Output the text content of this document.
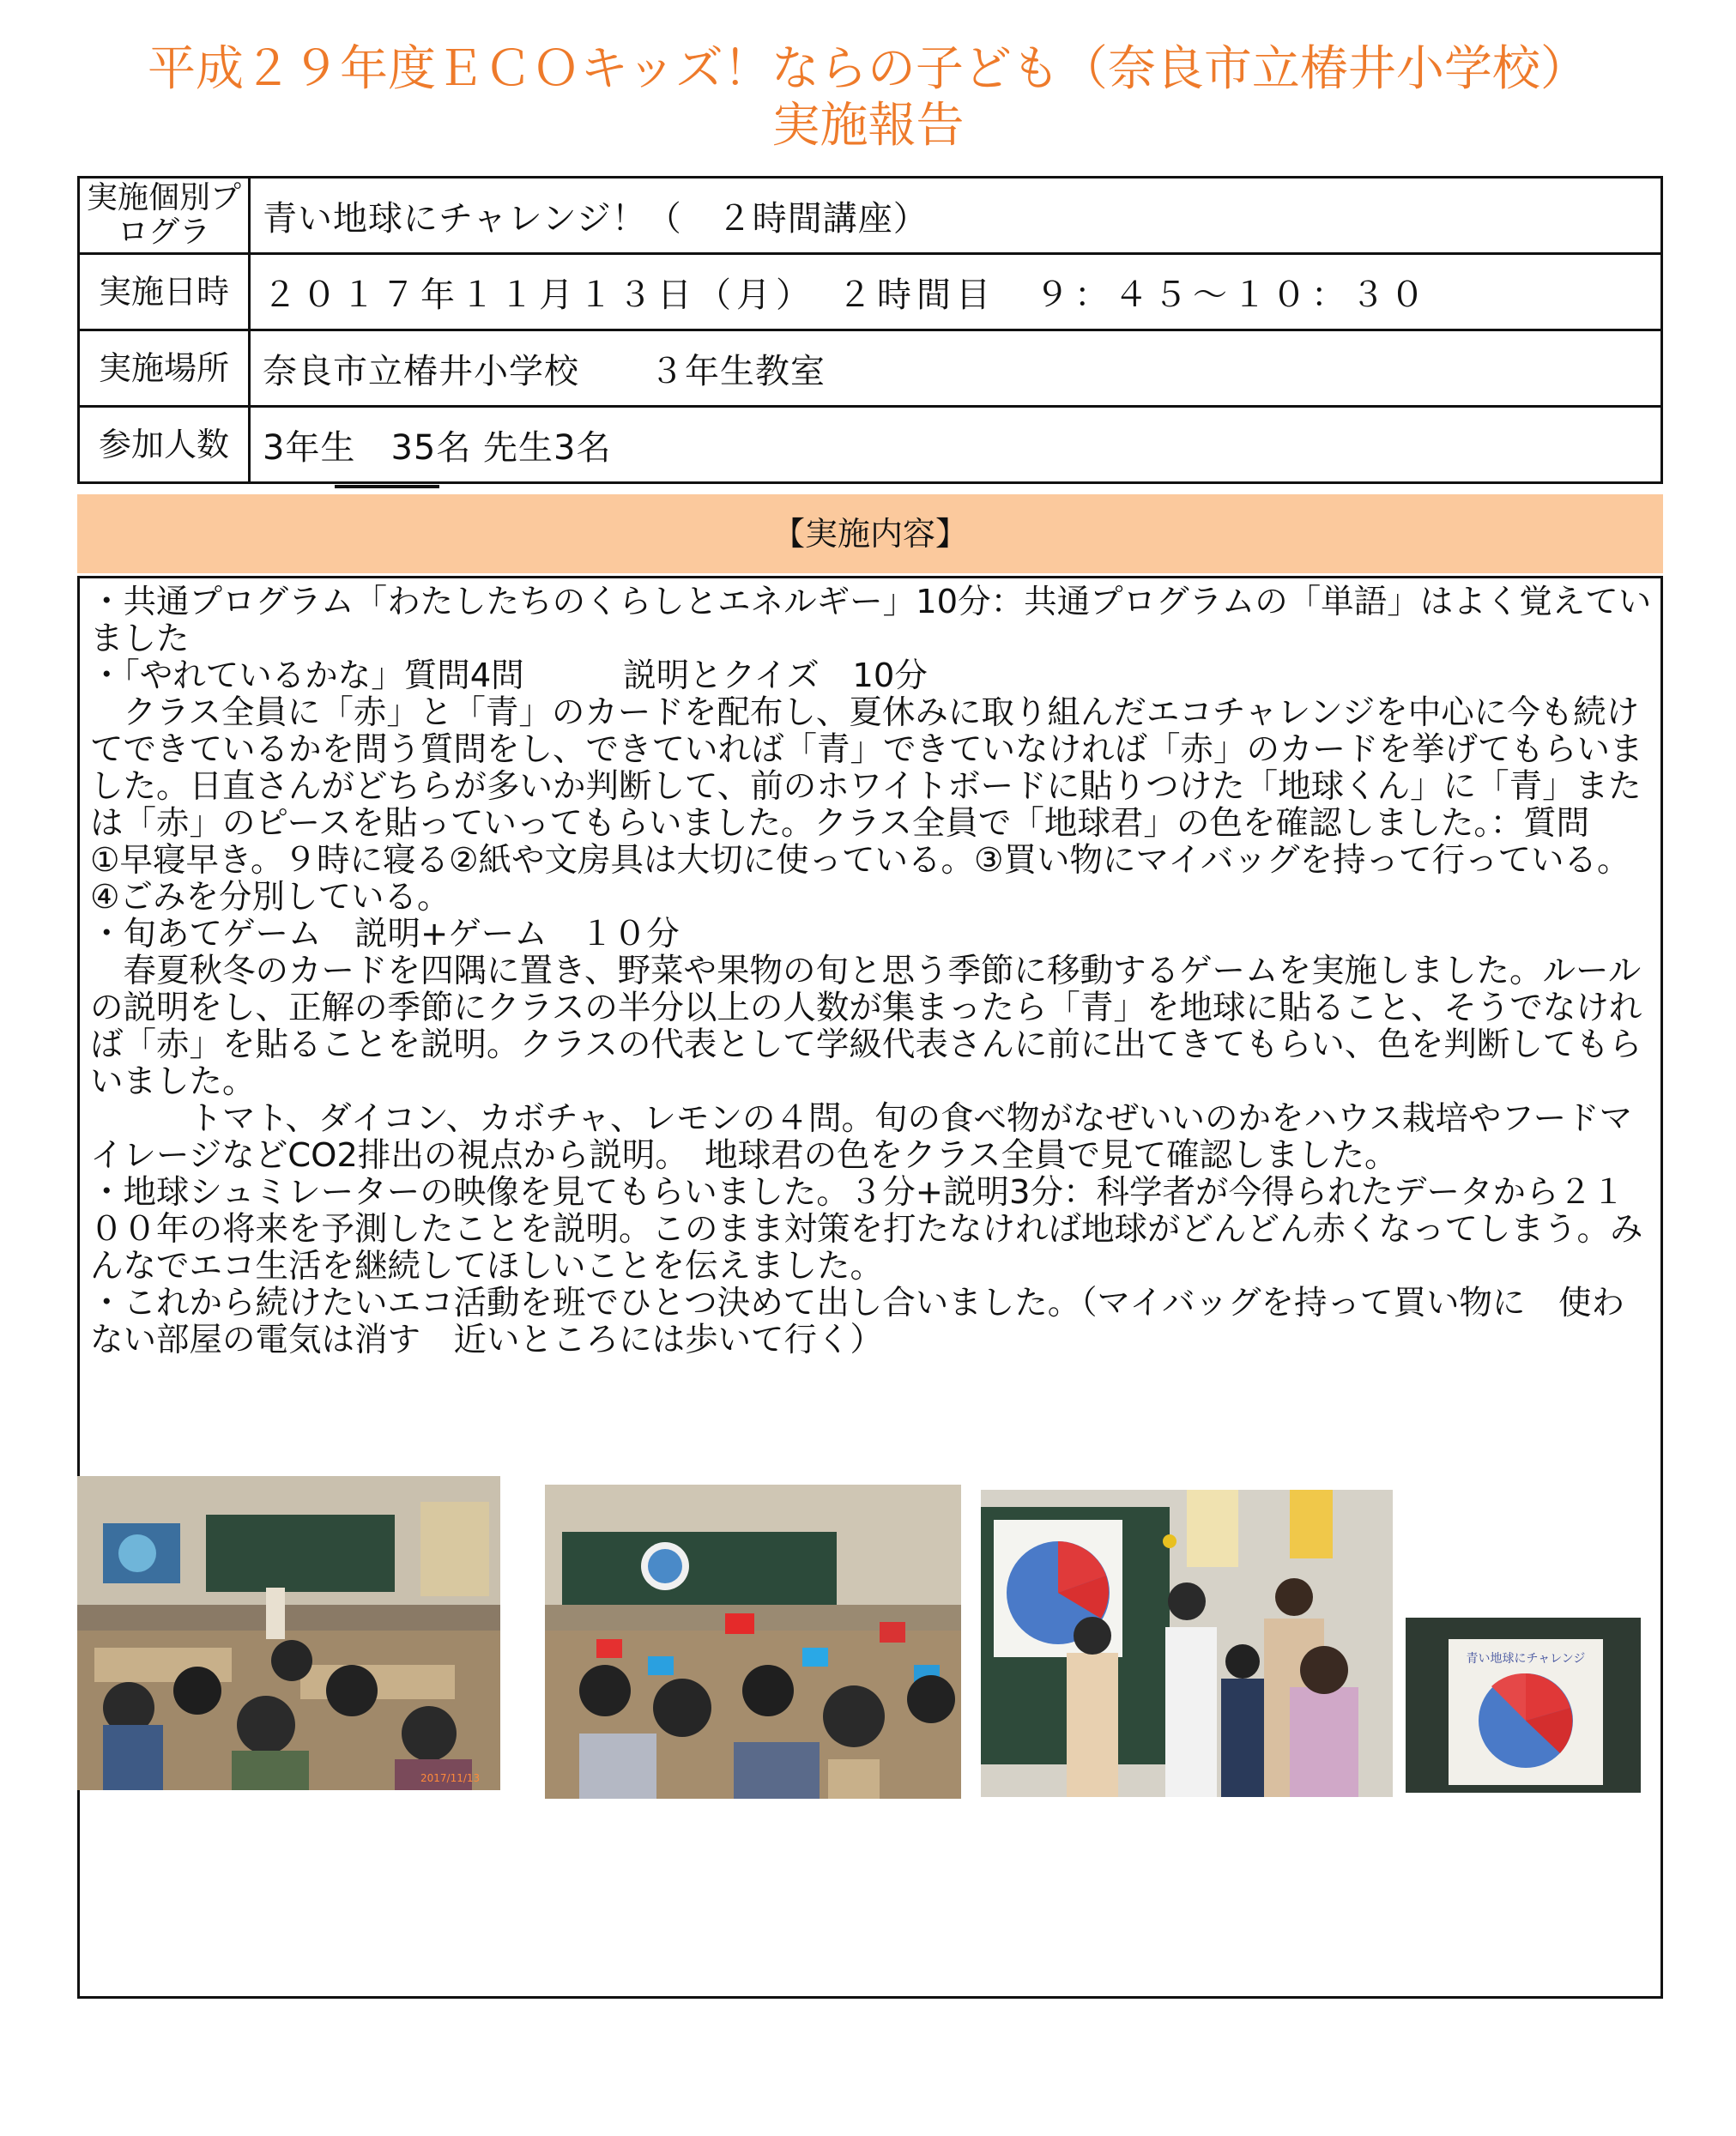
平成２９年度ＥＣＯキッズ！ならの子ども（奈良市立椿井小学校）
実施報告
実施個別プログラ	青い地球にチャレンジ！（　２時間講座）
実施日時	２０１７年１１月１３日（月）　２時間目　９：４５～１０：３０
実施場所	奈良市立椿井小学校　　３年生教室
参加人数	3年生　35名 先生3名
【実施内容】

・共通プログラム「わたしたちのくらしとエネルギー」10分：共通プログラムの「単語」はよく覚えていました

・「やれているかな」質問4問　　　説明とクイズ　10分

　クラス全員に「赤」と「青」のカードを配布し、夏休みに取り組んだエコチャレンジを中心に今も続けてできているかを問う質問をし、できていれば「青」できていなければ「赤」のカードを挙げてもらいました。日直さんがどちらが多いか判断して、前のホワイトボードに貼りつけた「地球くん」に「青」または「赤」のピースを貼っていってもらいました。クラス全員で「地球君」の色を確認しました。：質問　①早寝早き。９時に寝る②紙や文房具は大切に使っている。③買い物にマイバッグを持って行っている。④ごみを分別している。

・旬あてゲーム　説明+ゲーム　１０分

　春夏秋冬のカードを四隅に置き、野菜や果物の旬と思う季節に移動するゲームを実施しました。ルールの説明をし、正解の季節にクラスの半分以上の人数が集まったら「青」を地球に貼ること、そうでなければ「赤」を貼ることを説明。クラスの代表として学級代表さんに前に出てきてもらい、色を判断してもらいました。

　　　トマト、ダイコン、カボチャ、レモンの４問。旬の食べ物がなぜいいのかをハウス栽培やフードマイレージなどCO2排出の視点から説明。　地球君の色をクラス全員で見て確認しました。

・地球シュミレーターの映像を見てもらいました。３分+説明3分：科学者が今得られたデータから２１００年の将来を予測したことを説明。このまま対策を打たなければ地球がどんどん赤くなってしまう。みんなでエコ生活を継続してほしいことを伝えました。

・これから続けたいエコ活動を班でひとつ決めて出し合いました。（マイバッグを持って買い物に　使わない部屋の電気は消す　近いところには歩いて行く）

2017/11/13
青い地球にチャレンジ
